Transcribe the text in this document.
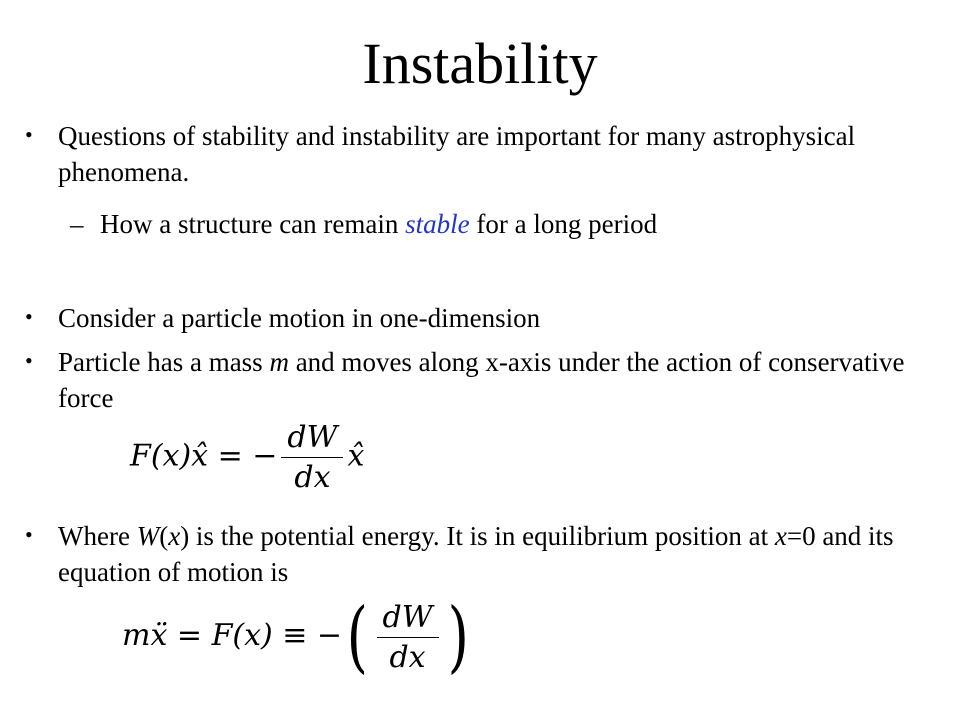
Instability
• Questions of stability and instability are important for many astrophysical phenomena.
– How a structure can remain stable for a long period
• Consider a particle motion in one-dimension
• Particle has a mass m and moves along x-axis under the action of conservative force
F(x)x̂ = − $\frac{dW}{dx}$ x̂
• Where W(x) is the potential energy. It is in equilibrium position at x=0 and its equation of motion is
mẍ = F(x) ≡ −( $\frac{dW}{dx}$ )
